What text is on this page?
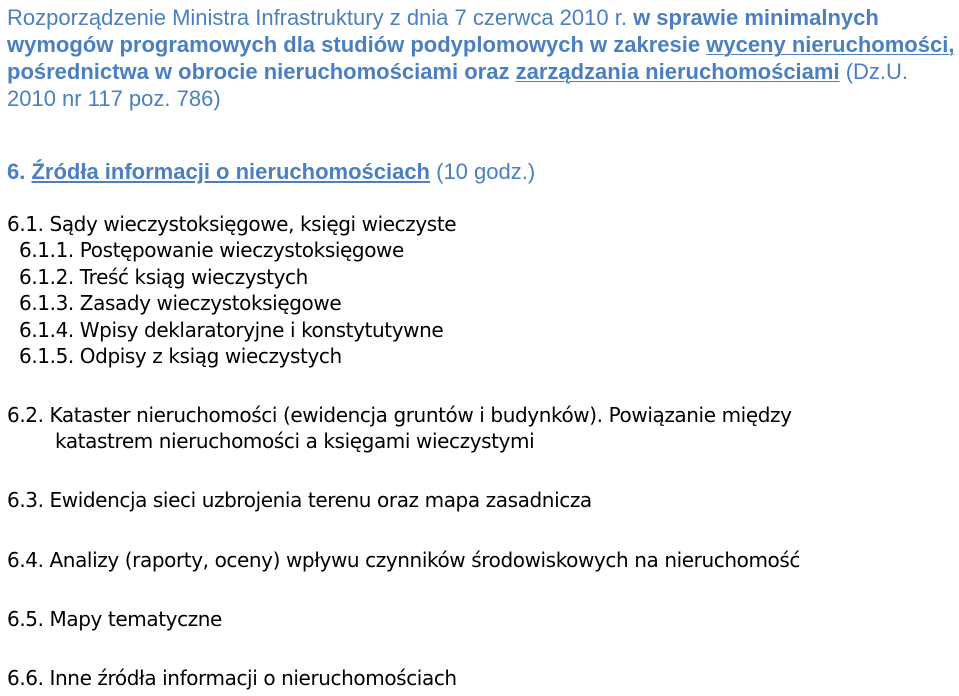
Rozporządzenie Ministra Infrastruktury z dnia 7 czerwca 2010 r. w sprawie minimalnych wymogów programowych dla studiów podyplomowych w zakresie wyceny nieruchomości, pośrednictwa w obrocie nieruchomościami oraz zarządzania nieruchomościami (Dz.U. 2010 nr 117 poz. 786)
6. Źródła informacji o nieruchomościach (10 godz.)
6.1. Sądy wieczystoksięgowe, księgi wieczyste
6.1.1. Postępowanie wieczystoksięgowe
6.1.2. Treść ksiąg wieczystych
6.1.3. Zasady wieczystoksięgowe
6.1.4. Wpisy deklaratoryjne i konstytutywne
6.1.5. Odpisy z ksiąg wieczystych
6.2. Kataster nieruchomości (ewidencja gruntów i budynków). Powiązanie między
katastrem nieruchomości a księgami wieczystymi
6.3. Ewidencja sieci uzbrojenia terenu oraz mapa zasadnicza
6.4. Analizy (raporty, oceny) wpływu czynników środowiskowych na nieruchomość
6.5. Mapy tematyczne
6.6. Inne źródła informacji o nieruchomościach
